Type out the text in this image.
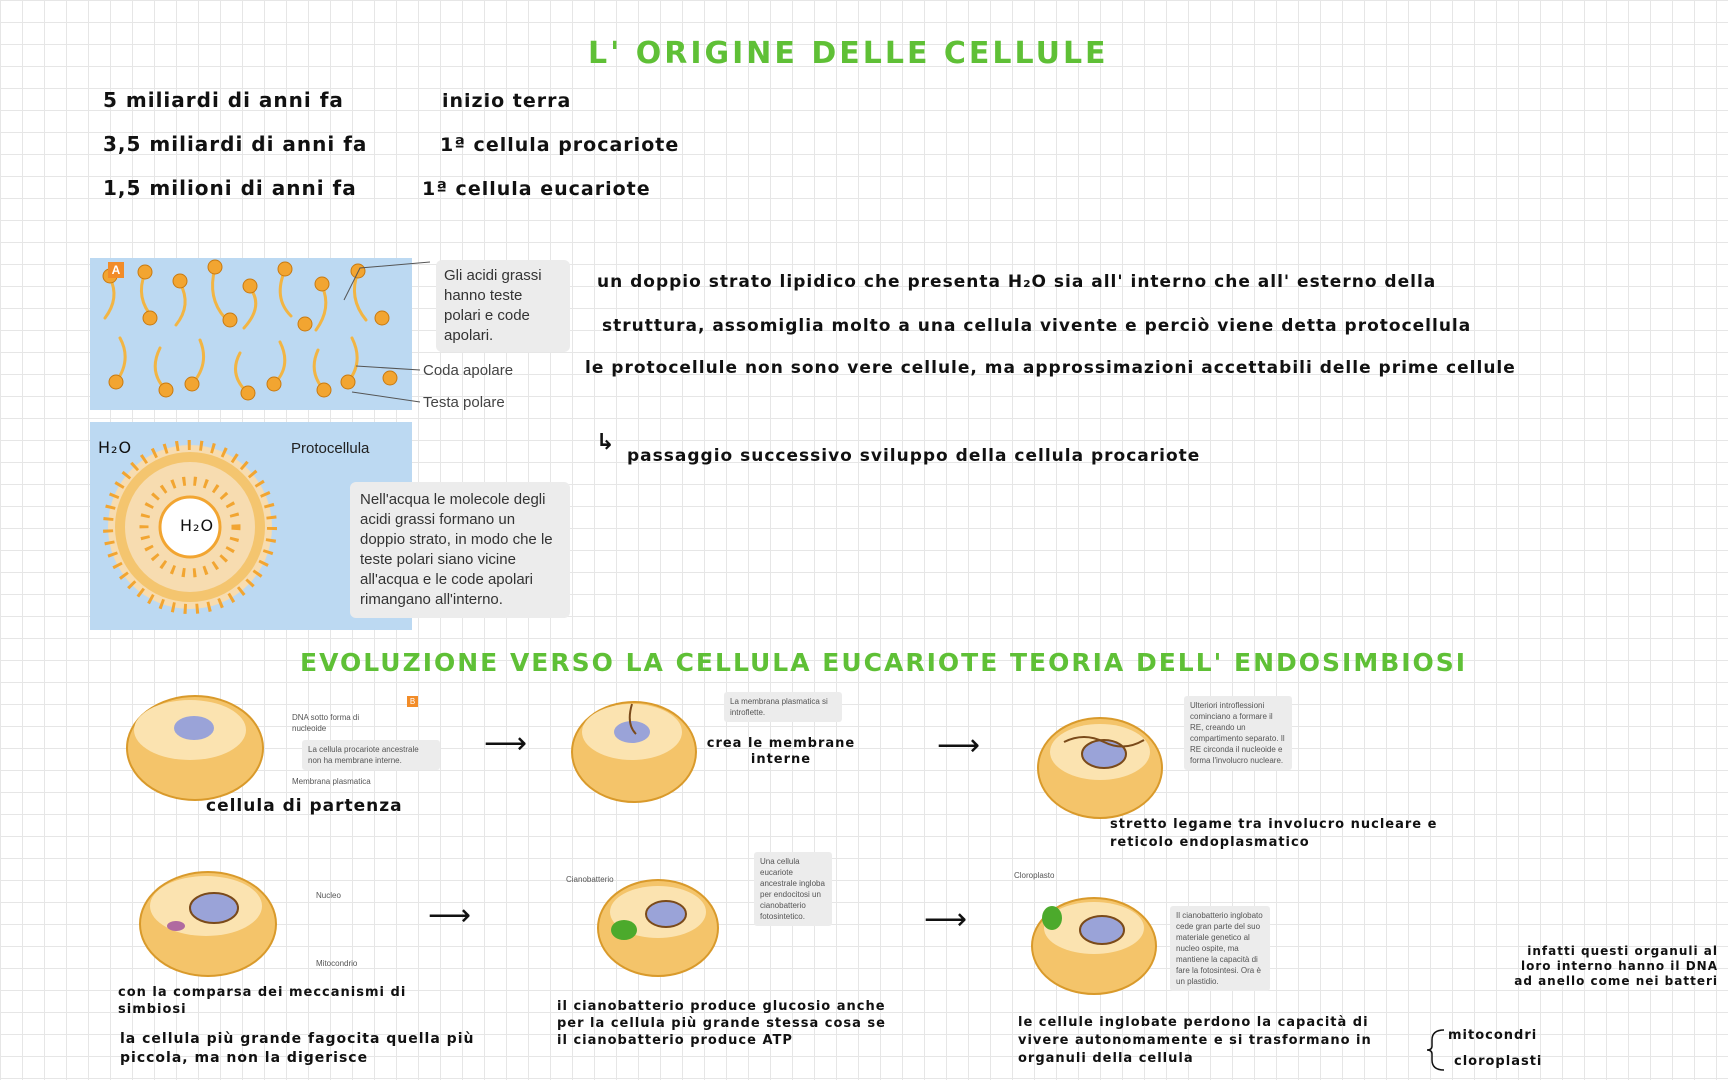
L' ORIGINE DELLE CELLULE
5 miliardi di anni fa	inizio terra
3,5 miliardi di anni fa	1ª cellula procariote
1,5 milioni di anni fa	1ª cellula eucariote
A	Gli acidi grassi hanno teste polari e code apolari.
Coda apolare
Testa polare
H₂O
H₂O
Protocellula
Nell'acqua le molecole degli acidi grassi formano un doppio strato, in modo che le teste polari siano vicine all'acqua e le code apolari rimangano all'interno.
un doppio strato lipidico che presenta H₂O sia all' interno che all' esterno della
struttura, assomiglia molto a una cellula vivente e perciò viene detta protocellula
le protocellule non sono vere cellule, ma approssimazioni accettabili delle prime cellule
↳
passaggio successivo sviluppo della cellula procariote
EVOLUZIONE VERSO LA CELLULA EUCARIOTE TEORIA DELL' ENDOSIMBIOSI
DNA sotto forma di nucleoide
La cellula procariote ancestrale non ha membrane interne.
Membrana plasmatica
B
cellula di partenza
⟶
La membrana plasmatica si introflette.
crea le membrane interne	⟶
Ulteriori introflessioni cominciano a formare il RE, creando un compartimento separato. Il RE circonda il nucleoide e forma l'involucro nucleare.
stretto legame tra involucro nucleare e reticolo endoplasmatico
Nucleo
Mitocondrio
con la comparsa dei meccanismi di simbiosi
la cellula più grande fagocita quella più piccola, ma non la digerisce
⟶
Cianobatterio
Una cellula eucariote ancestrale ingloba per endocitosi un cianobatterio fotosintetico.
il cianobatterio produce glucosio anche per la cellula più grande stessa cosa se il cianobatterio produce ATP
⟶
Cloroplasto
Il cianobatterio inglobato cede gran parte del suo materiale genetico al nucleo ospite, ma mantiene la capacità di fare la fotosintesi. Ora è un plastidio.
le cellule inglobate perdono la capacità di vivere autonomamente e si trasformano in organuli della cellula
mitocondri
cloroplasti
infatti questi organuli al loro interno hanno il DNA ad anello come nei batteri
